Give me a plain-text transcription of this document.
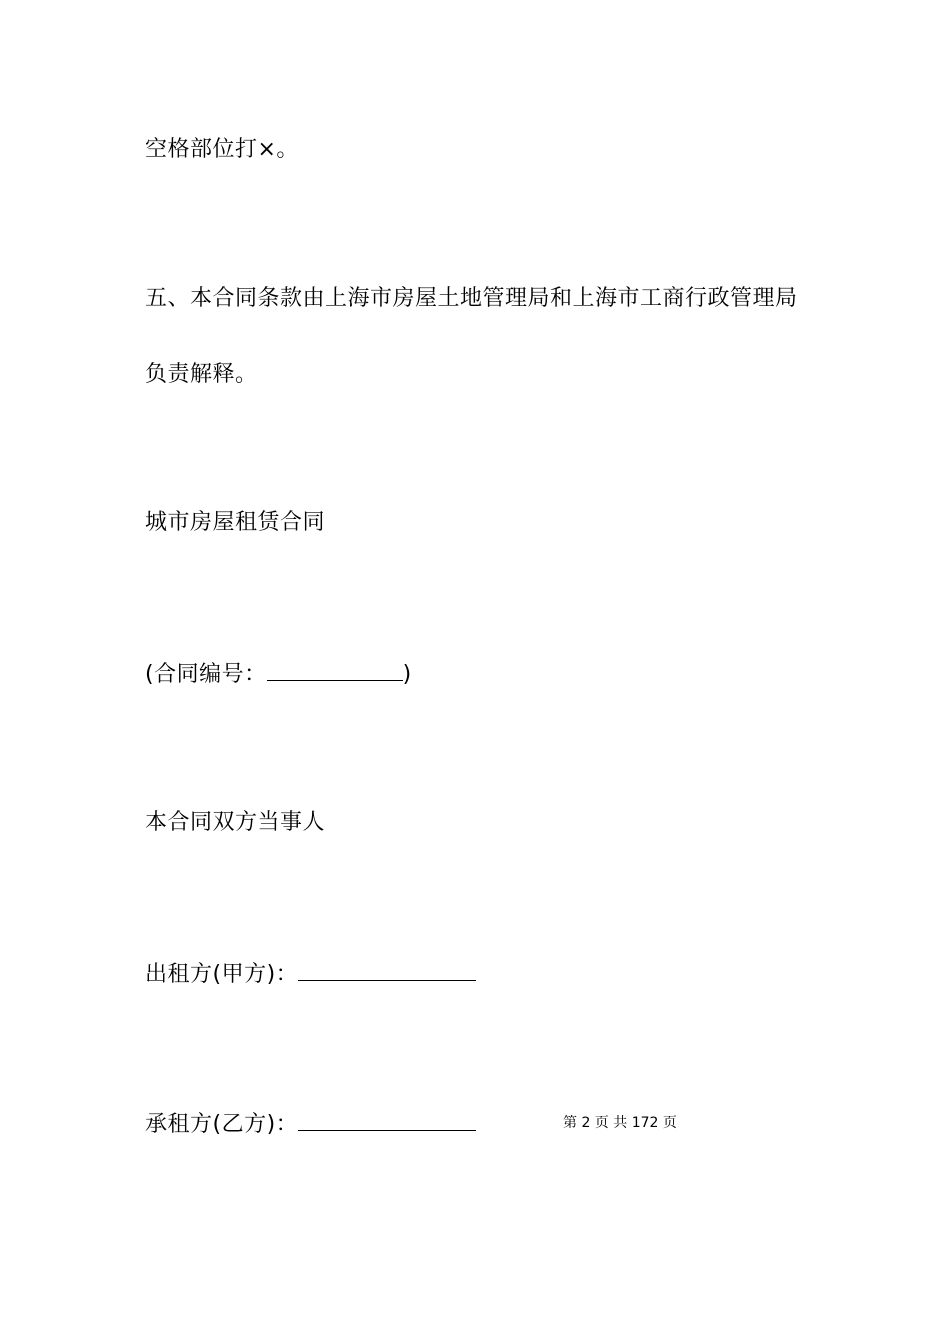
空格部位打×。
五、本合同条款由上海市房屋土地管理局和上海市工商行政管理局
负责解释。
城市房屋租赁合同
(合同编号：	)
本合同双方当事人
出租方(甲方)：
承租方(乙方)：	第 2 页 共 172 页
